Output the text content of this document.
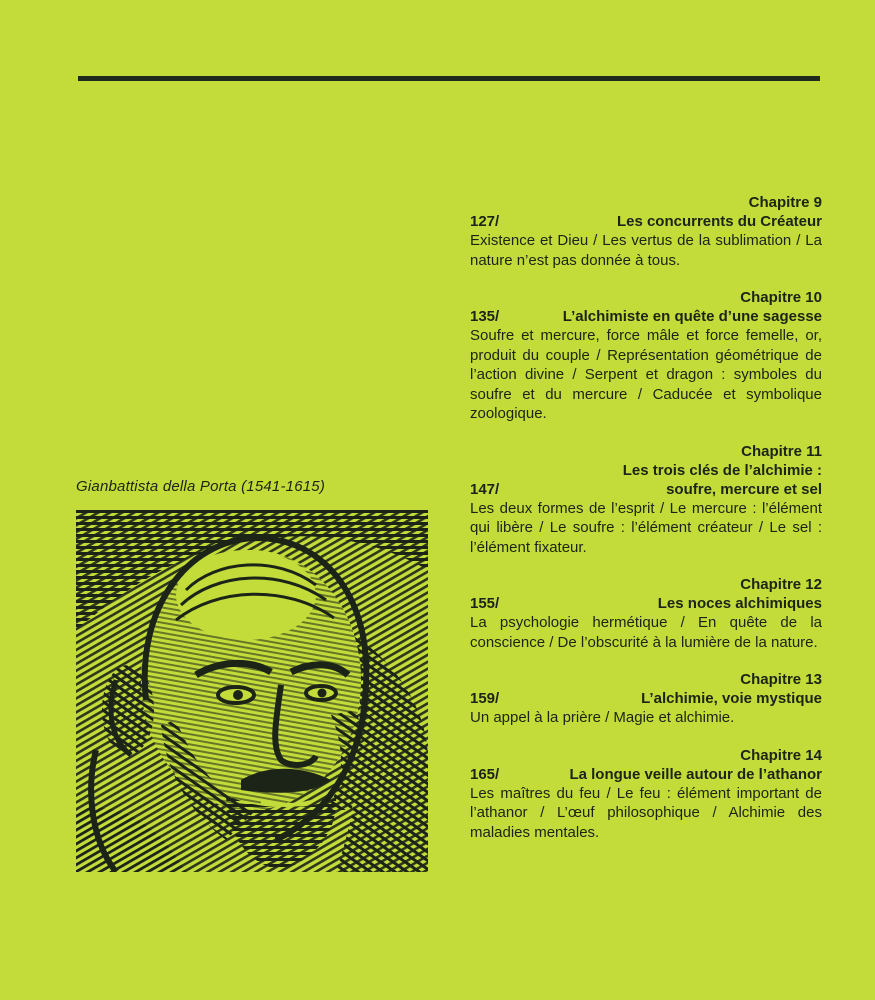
Gianbattista della Porta (1541-1615)
Chapitre 9
127/	Les concurrents du Créateur
Existence et Dieu / Les vertus de la sublimation / La nature n’est pas donnée à tous.
Chapitre 10
135/	L’alchimiste en quête d’une sagesse
Soufre et mercure, force mâle et force femelle, or, produit du couple / Représentation géométrique de l’action divine / Serpent et dragon : symboles du soufre et du mercure / Caducée et symbolique zoologique.
Chapitre 11
Les trois clés de l’alchimie :
147/	soufre, mercure et sel
Les deux formes de l’esprit / Le mercure : l’élément qui libère / Le soufre : l’élément créateur / Le sel : l’élément fixateur.
Chapitre 12
155/	Les noces alchimiques
La psychologie hermétique / En quête de la conscience / De l’obscurité à la lumière de la nature.
Chapitre 13
159/	L’alchimie, voie mystique
Un appel à la prière / Magie et alchimie.
Chapitre 14
165/	La longue veille autour de l’athanor
Les maîtres du feu / Le feu : élément important de l’athanor / L’œuf philosophique / Alchimie des maladies mentales.
